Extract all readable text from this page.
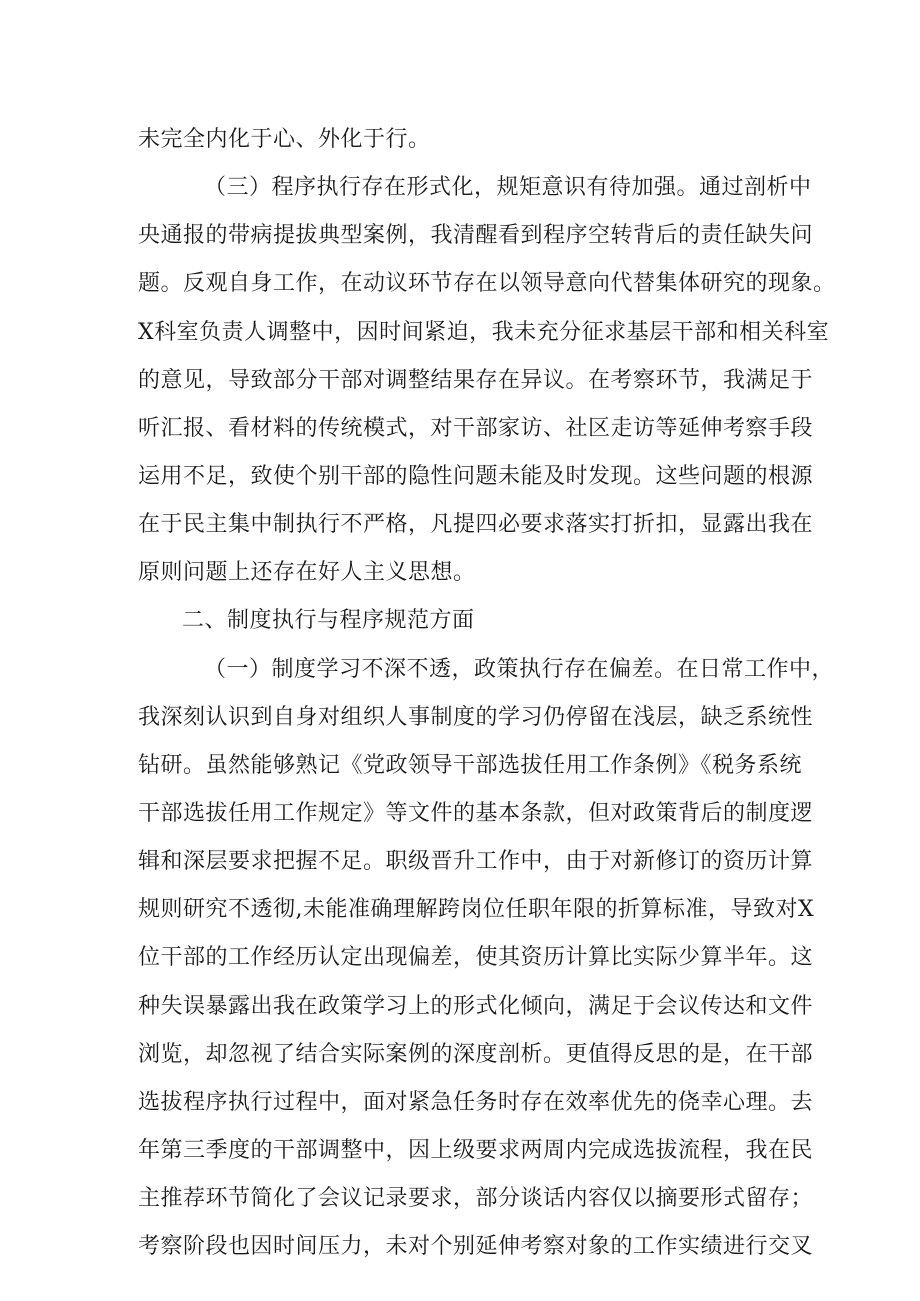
未完全内化于心、外化于行。
（三）程序执行存在形式化，规矩意识有待加强。通过剖析中
央通报的带病提拔典型案例，我清醒看到程序空转背后的责任缺失问
题。反观自身工作，在动议环节存在以领导意向代替集体研究的现象。
X科室负责人调整中，因时间紧迫，我未充分征求基层干部和相关科室
的意见，导致部分干部对调整结果存在异议。在考察环节，我满足于
听汇报、看材料的传统模式，对干部家访、社区走访等延伸考察手段
运用不足，致使个别干部的隐性问题未能及时发现。这些问题的根源
在于民主集中制执行不严格，凡提四必要求落实打折扣，显露出我在
原则问题上还存在好人主义思想。
二、制度执行与程序规范方面
（一）制度学习不深不透，政策执行存在偏差。在日常工作中，
我深刻认识到自身对组织人事制度的学习仍停留在浅层，缺乏系统性
钻研。虽然能够熟记《党政领导干部选拔任用工作条例》《税务系统
干部选拔任用工作规定》等文件的基本条款，但对政策背后的制度逻
辑和深层要求把握不足。职级晋升工作中，由于对新修订的资历计算
规则研究不透彻,未能准确理解跨岗位任职年限的折算标准，导致对X
位干部的工作经历认定出现偏差，使其资历计算比实际少算半年。这
种失误暴露出我在政策学习上的形式化倾向，满足于会议传达和文件
浏览，却忽视了结合实际案例的深度剖析。更值得反思的是，在干部
选拔程序执行过程中，面对紧急任务时存在效率优先的侥幸心理。去
年第三季度的干部调整中，因上级要求两周内完成选拔流程，我在民
主推荐环节简化了会议记录要求，部分谈话内容仅以摘要形式留存；
考察阶段也因时间压力，未对个别延伸考察对象的工作实绩进行交叉
